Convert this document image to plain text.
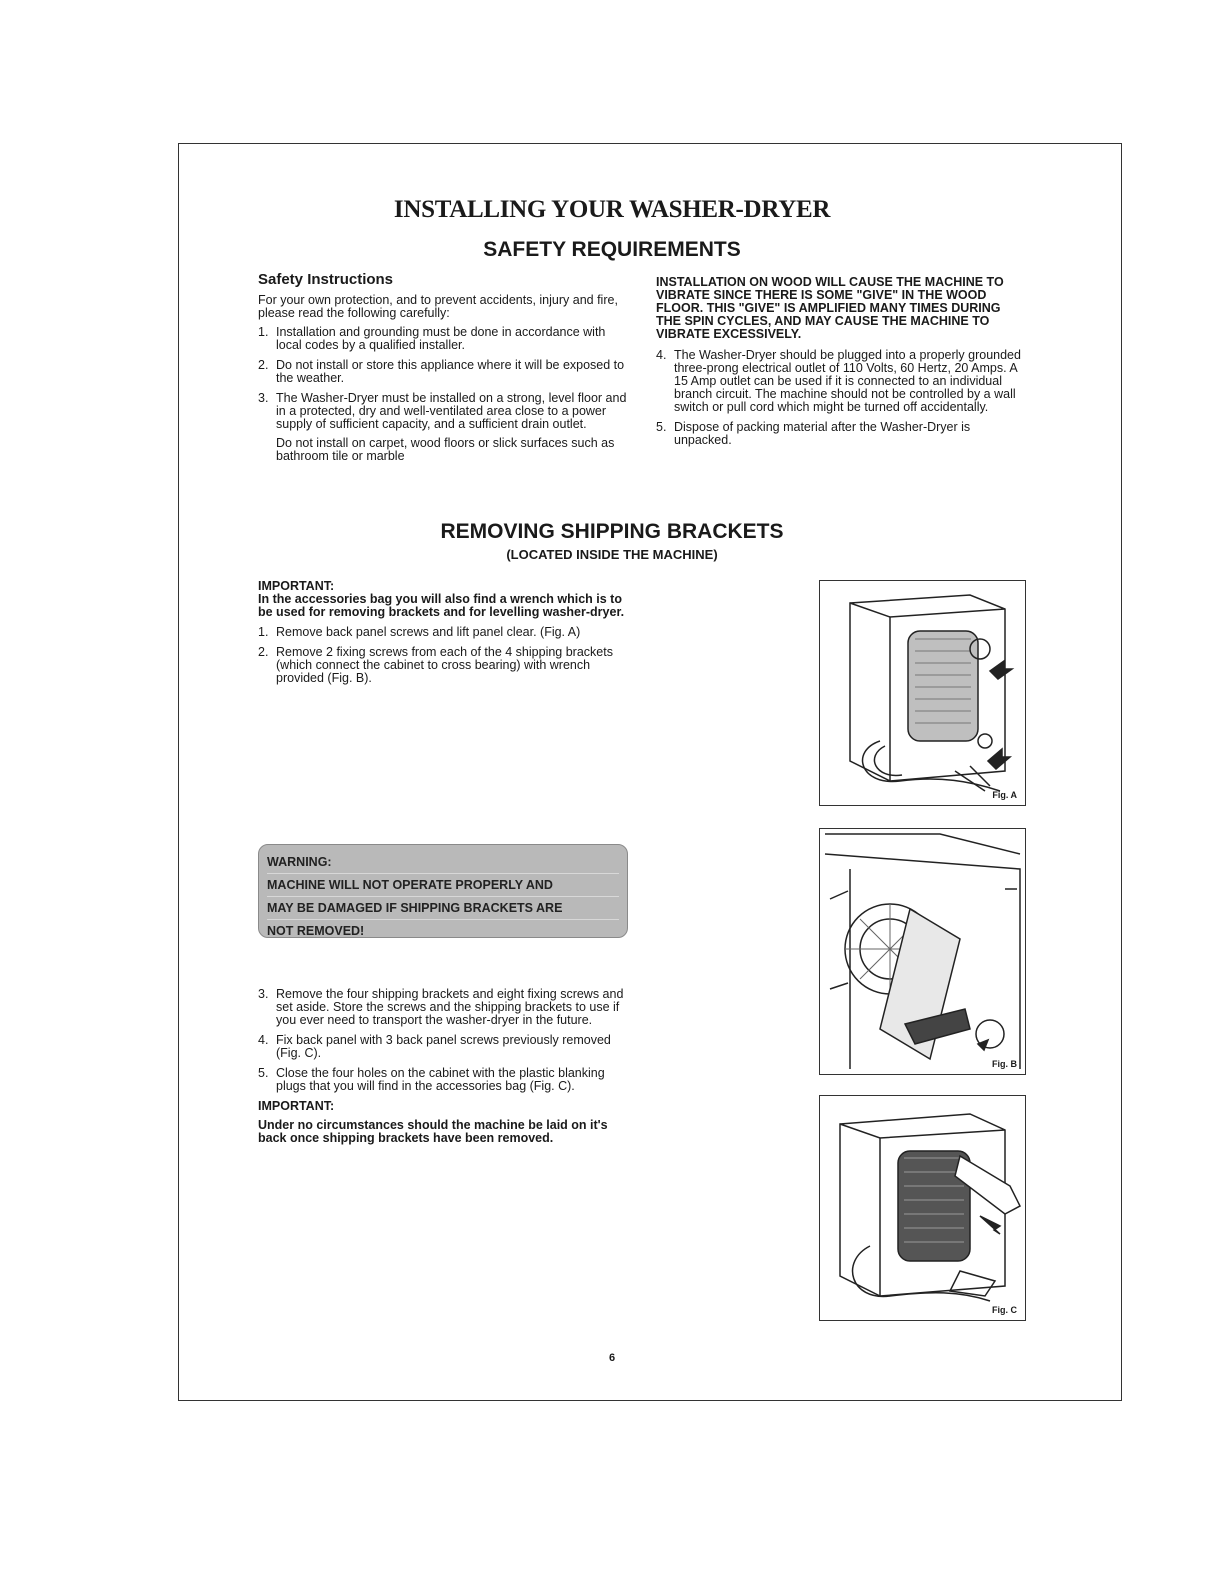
INSTALLING YOUR WASHER-DRYER
SAFETY REQUIREMENTS
Safety Instructions

For your own protection, and to prevent accidents, injury and fire, please read the following carefully:

1. Installation and grounding must be done in accordance with local codes by a qualified installer.
2. Do not install or store this appliance where it will be exposed to the weather.
3. The Washer-Dryer must be installed on a strong, level floor and in a protected, dry and well-ventilated area close to a power supply of sufficient capacity, and a sufficient drain outlet.
Do not install on carpet, wood floors or slick surfaces such as bathroom tile or marble
INSTALLATION ON WOOD WILL CAUSE THE MACHINE TO VIBRATE SINCE THERE IS SOME "GIVE" IN THE WOOD FLOOR. THIS "GIVE" IS AMPLIFIED MANY TIMES DURING THE SPIN CYCLES, AND MAY CAUSE THE MACHINE TO VIBRATE EXCESSIVELY.
4. The Washer-Dryer should be plugged into a properly grounded three-prong electrical outlet of 110 Volts, 60 Hertz, 20 Amps. A 15 Amp outlet can be used if it is connected to an individual branch circuit. The machine should not be controlled by a wall switch or pull cord which might be turned off accidentally.
5. Dispose of packing material after the Washer-Dryer is unpacked.
REMOVING SHIPPING BRACKETS
(LOCATED INSIDE THE MACHINE)
IMPORTANT:
In the accessories bag you will also find a wrench which is to be used for removing brackets and for levelling washer-dryer.
1. Remove back panel screws and lift panel clear. (Fig. A)
2. Remove 2 fixing screws from each of the 4 shipping brackets (which connect the cabinet to cross bearing) with wrench provided (Fig. B).
WARNING:
MACHINE WILL NOT OPERATE PROPERLY AND
MAY BE DAMAGED IF SHIPPING BRACKETS ARE
NOT REMOVED!
3. Remove the four shipping brackets and eight fixing screws and set aside. Store the screws and the shipping brackets to use if you ever need to transport the washer-dryer in the future.
4. Fix back panel with 3 back panel screws previously removed (Fig. C).
5. Close the four holes on the cabinet with the plastic blanking plugs that you will find in the accessories bag (Fig. C).
IMPORTANT:
Under no circumstances should the machine be laid on it's back once shipping brackets have been removed.
Fig. A
Fig. B
Fig. C
6
